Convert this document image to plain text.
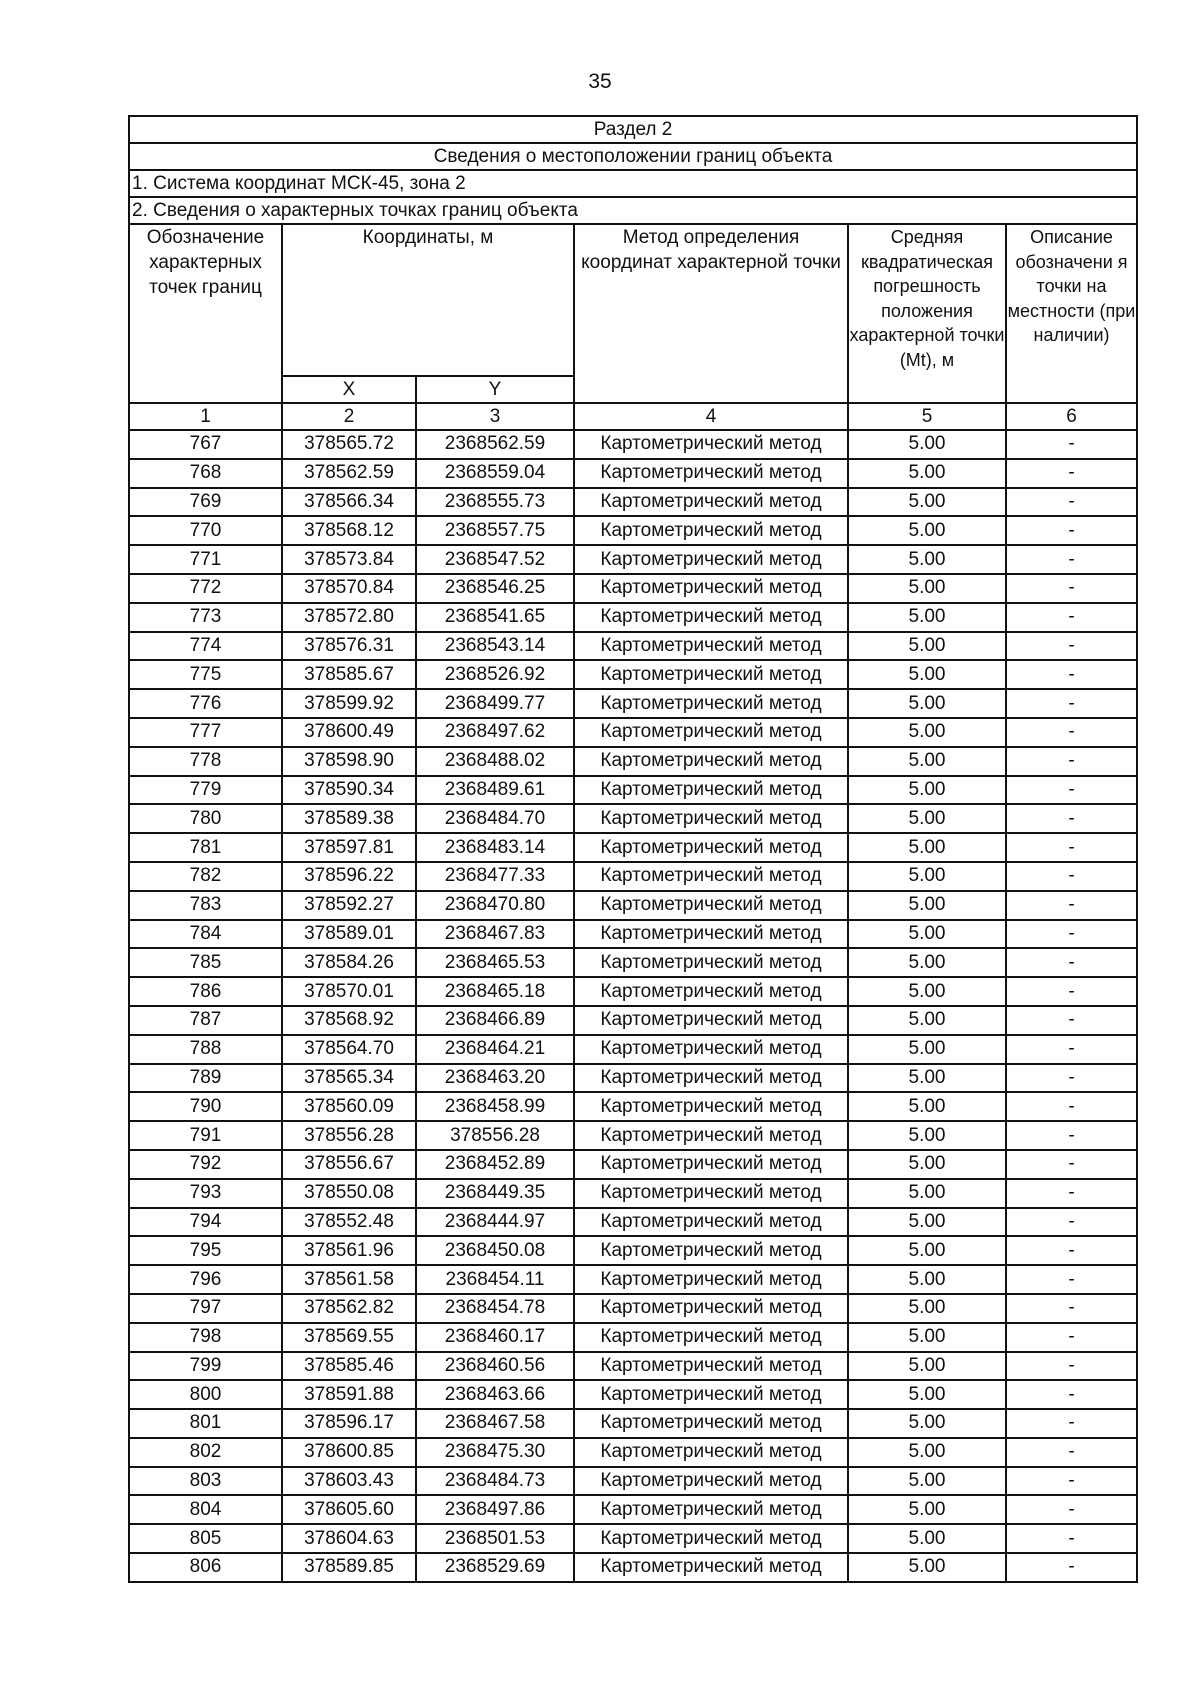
35
Раздел 2					
Сведения о местоположении границ объекта					
1. Система координат МСК-45, зона 2					
2. Сведения о характерных точках границ объекта					
Обозначение характерных точек границ	Координаты, м		Метод определения координат характерной точки	Средняя квадратическая погрешность положения характерной точки (Mt), м	Описание обозначени я точки на местности (при наличии)
	X	Y			
1	2	3	4	5	6
767	378565.72	2368562.59	Картометрический метод	5.00	-
768	378562.59	2368559.04	Картометрический метод	5.00	-
769	378566.34	2368555.73	Картометрический метод	5.00	-
770	378568.12	2368557.75	Картометрический метод	5.00	-
771	378573.84	2368547.52	Картометрический метод	5.00	-
772	378570.84	2368546.25	Картометрический метод	5.00	-
773	378572.80	2368541.65	Картометрический метод	5.00	-
774	378576.31	2368543.14	Картометрический метод	5.00	-
775	378585.67	2368526.92	Картометрический метод	5.00	-
776	378599.92	2368499.77	Картометрический метод	5.00	-
777	378600.49	2368497.62	Картометрический метод	5.00	-
778	378598.90	2368488.02	Картометрический метод	5.00	-
779	378590.34	2368489.61	Картометрический метод	5.00	-
780	378589.38	2368484.70	Картометрический метод	5.00	-
781	378597.81	2368483.14	Картометрический метод	5.00	-
782	378596.22	2368477.33	Картометрический метод	5.00	-
783	378592.27	2368470.80	Картометрический метод	5.00	-
784	378589.01	2368467.83	Картометрический метод	5.00	-
785	378584.26	2368465.53	Картометрический метод	5.00	-
786	378570.01	2368465.18	Картометрический метод	5.00	-
787	378568.92	2368466.89	Картометрический метод	5.00	-
788	378564.70	2368464.21	Картометрический метод	5.00	-
789	378565.34	2368463.20	Картометрический метод	5.00	-
790	378560.09	2368458.99	Картометрический метод	5.00	-
791	378556.28	378556.28	Картометрический метод	5.00	-
792	378556.67	2368452.89	Картометрический метод	5.00	-
793	378550.08	2368449.35	Картометрический метод	5.00	-
794	378552.48	2368444.97	Картометрический метод	5.00	-
795	378561.96	2368450.08	Картометрический метод	5.00	-
796	378561.58	2368454.11	Картометрический метод	5.00	-
797	378562.82	2368454.78	Картометрический метод	5.00	-
798	378569.55	2368460.17	Картометрический метод	5.00	-
799	378585.46	2368460.56	Картометрический метод	5.00	-
800	378591.88	2368463.66	Картометрический метод	5.00	-
801	378596.17	2368467.58	Картометрический метод	5.00	-
802	378600.85	2368475.30	Картометрический метод	5.00	-
803	378603.43	2368484.73	Картометрический метод	5.00	-
804	378605.60	2368497.86	Картометрический метод	5.00	-
805	378604.63	2368501.53	Картометрический метод	5.00	-
806	378589.85	2368529.69	Картометрический метод	5.00	-
